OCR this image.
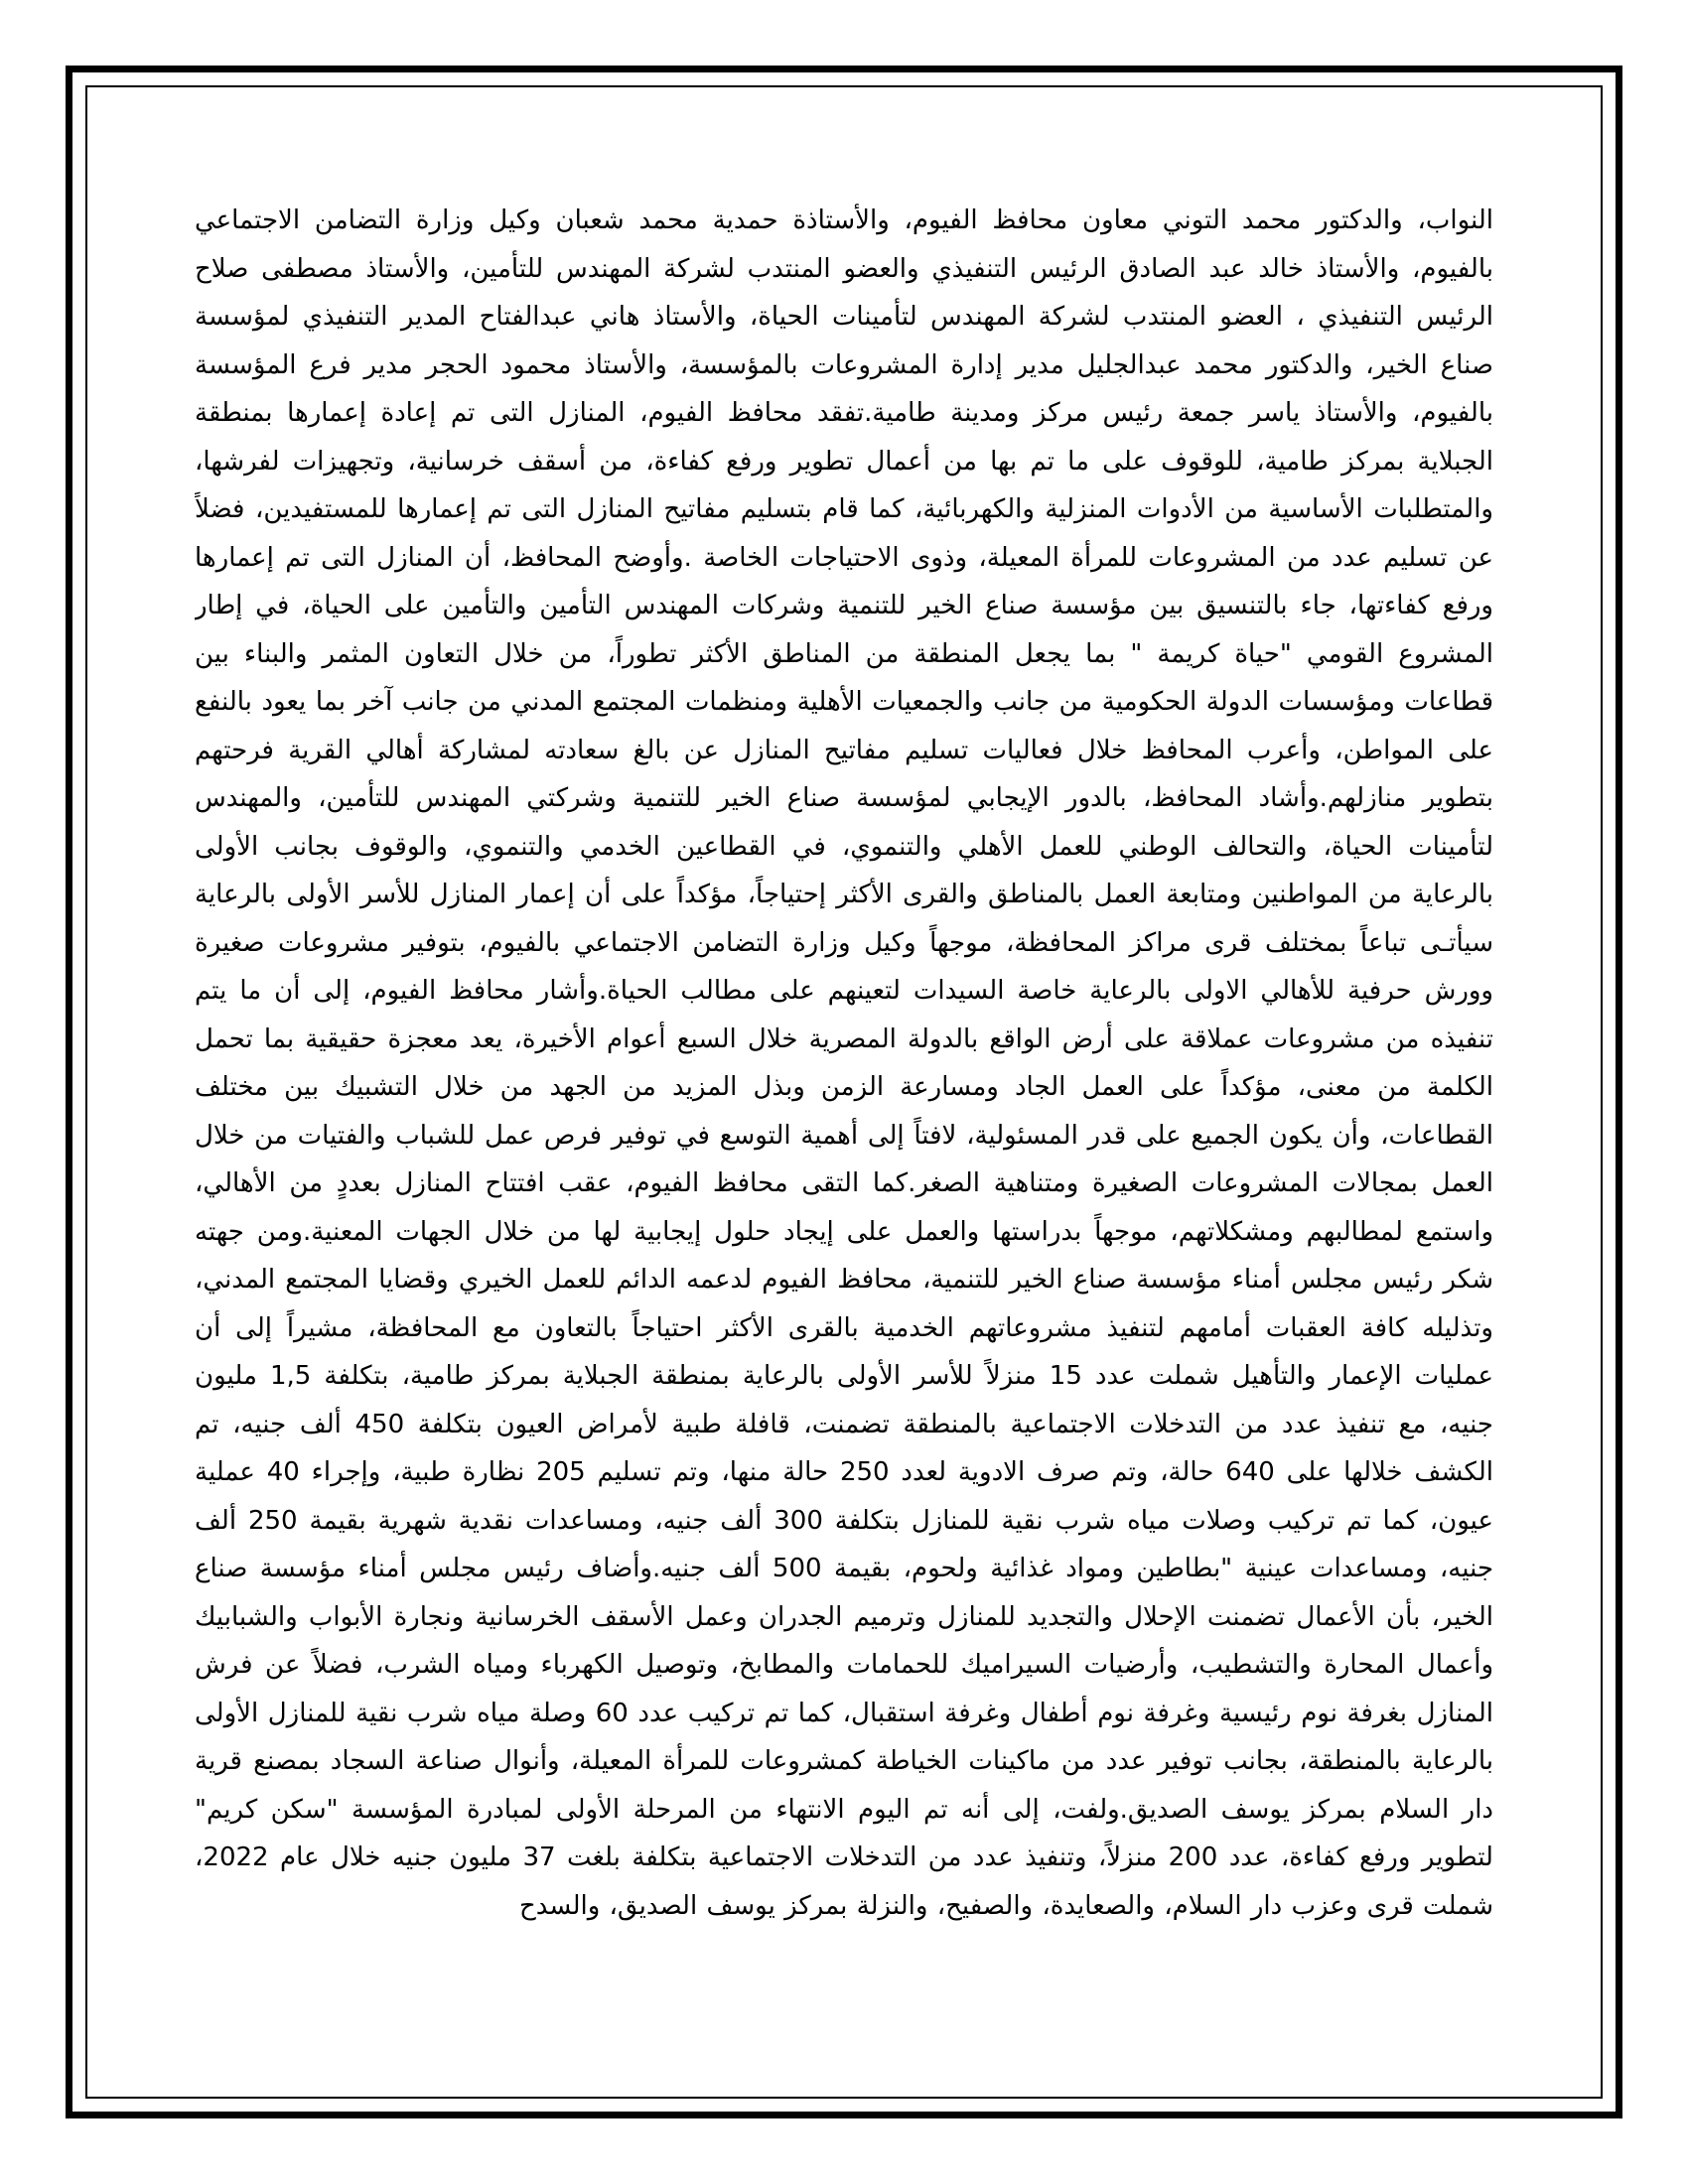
النواب، والدكتور محمد التوني معاون محافظ الفيوم، والأستاذة حمدية محمد شعبان وكيل وزارة التضامن الاجتماعي بالفيوم، والأستاذ خالد عبد الصادق الرئيس التنفيذي والعضو المنتدب لشركة المهندس للتأمين، والأستاذ مصطفى صلاح الرئيس التنفيذي ، العضو المنتدب لشركة المهندس لتأمينات الحياة، والأستاذ هاني عبدالفتاح المدير التنفيذي لمؤسسة صناع الخير، والدكتور محمد عبدالجليل مدير إدارة المشروعات بالمؤسسة، والأستاذ محمود الحجر مدير فرع المؤسسة بالفيوم، والأستاذ ياسر جمعة رئيس مركز ومدينة طامية.تفقد محافظ الفيوم، المنازل التى تم إعادة إعمارها بمنطقة الجبلاية بمركز طامية، للوقوف على ما تم بها من أعمال تطوير ورفع كفاءة، من أسقف خرسانية، وتجهيزات لفرشها، والمتطلبات الأساسية من الأدوات المنزلية والكهربائية، كما قام بتسليم مفاتيح المنازل التى تم إعمارها للمستفيدين، فضلاً عن تسليم عدد من المشروعات للمرأة المعيلة، وذوى الاحتياجات الخاصة .وأوضح المحافظ، أن المنازل التى تم إعمارها ورفع كفاءتها، جاء بالتنسيق بين مؤسسة صناع الخير للتنمية وشركات المهندس التأمين والتأمين على الحياة، في إطار المشروع القومي "حياة كريمة " بما يجعل المنطقة من المناطق الأكثر تطوراً، من خلال التعاون المثمر والبناء بين قطاعات ومؤسسات الدولة الحكومية من جانب والجمعيات الأهلية ومنظمات المجتمع المدني من جانب آخر بما يعود بالنفع على المواطن، وأعرب المحافظ خلال فعاليات تسليم مفاتيح المنازل عن بالغ سعادته لمشاركة أهالي القرية فرحتهم بتطوير منازلهم.وأشاد المحافظ، بالدور الإيجابي لمؤسسة صناع الخير للتنمية وشركتي المهندس للتأمين، والمهندس لتأمينات الحياة، والتحالف الوطني للعمل الأهلي والتنموي، في القطاعين الخدمي والتنموي، والوقوف بجانب الأولى بالرعاية من المواطنين ومتابعة العمل بالمناطق والقرى الأكثر إحتياجاً، مؤكداً على أن إعمار المنازل للأسر الأولى بالرعاية سيأتـى تباعاً بمختلف قرى مراكز المحافظة، موجهاً وكيل وزارة التضامن الاجتماعي بالفيوم، بتوفير مشروعات صغيرة وورش حرفية للأهالي الاولى بالرعاية خاصة السيدات لتعينهم على مطالب الحياة.وأشار محافظ الفيوم، إلى أن ما يتم تنفيذه من مشروعات عملاقة على أرض الواقع بالدولة المصرية خلال السبع أعوام الأخيرة، يعد معجزة حقيقية بما تحمل الكلمة من معنى، مؤكداً على العمل الجاد ومسارعة الزمن وبذل المزيد من الجهد من خلال التشبيك بين مختلف القطاعات، وأن يكون الجميع على قدر المسئولية، لافتاً إلى أهمية التوسع في توفير فرص عمل للشباب والفتيات من خلال العمل بمجالات المشروعات الصغيرة ومتناهية الصغر.كما التقى محافظ الفيوم، عقب افتتاح المنازل بعددٍ من الأهالي، واستمع لمطالبهم ومشكلاتهم، موجهاً بدراستها والعمل على إيجاد حلول إيجابية لها من خلال الجهات المعنية.ومن جهته شكر رئيس مجلس أمناء مؤسسة صناع الخير للتنمية، محافظ الفيوم لدعمه الدائم للعمل الخيري وقضايا المجتمع المدني، وتذليله كافة العقبات أمامهم لتنفيذ مشروعاتهم الخدمية بالقرى الأكثر احتياجاً بالتعاون مع المحافظة، مشيراً إلى أن عمليات الإعمار والتأهيل شملت عدد 15 منزلاً للأسر الأولى بالرعاية بمنطقة الجبلاية بمركز طامية، بتكلفة 1,5 مليون جنيه، مع تنفيذ عدد من التدخلات الاجتماعية بالمنطقة تضمنت، قافلة طبية لأمراض العيون بتكلفة 450 ألف جنيه، تم الكشف خلالها على 640 حالة، وتم صرف الادوية لعدد 250 حالة منها، وتم تسليم 205 نظارة طبية، وإجراء 40 عملية عيون، كما تم تركيب وصلات مياه شرب نقية للمنازل بتكلفة 300 ألف جنيه، ومساعدات نقدية شهرية بقيمة 250 ألف جنيه، ومساعدات عينية "بطاطين ومواد غذائية ولحوم، بقيمة 500 ألف جنيه.وأضاف رئيس مجلس أمناء مؤسسة صناع الخير، بأن الأعمال تضمنت الإحلال والتجديد للمنازل وترميم الجدران وعمل الأسقف الخرسانية ونجارة الأبواب والشبابيك وأعمال المحارة والتشطيب، وأرضيات السيراميك للحمامات والمطابخ، وتوصيل الكهرباء ومياه الشرب، فضلاً عن فرش المنازل بغرفة نوم رئيسية وغرفة نوم أطفال وغرفة استقبال، كما تم تركيب عدد 60 وصلة مياه شرب نقية للمنازل الأولى بالرعاية بالمنطقة، بجانب توفير عدد من ماكينات الخياطة كمشروعات للمرأة المعيلة، وأنوال صناعة السجاد بمصنع قرية دار السلام بمركز يوسف الصديق.ولفت، إلى أنه تم اليوم الانتهاء من المرحلة الأولى لمبادرة المؤسسة "سكن كريم" لتطوير ورفع كفاءة، عدد 200 منزلاً، وتنفيذ عدد من التدخلات الاجتماعية بتكلفة بلغت 37 مليون جنيه خلال عام 2022، شملت قرى وعزب دار السلام، والصعايدة، والصفيح، والنزلة بمركز يوسف الصديق، والسدح
